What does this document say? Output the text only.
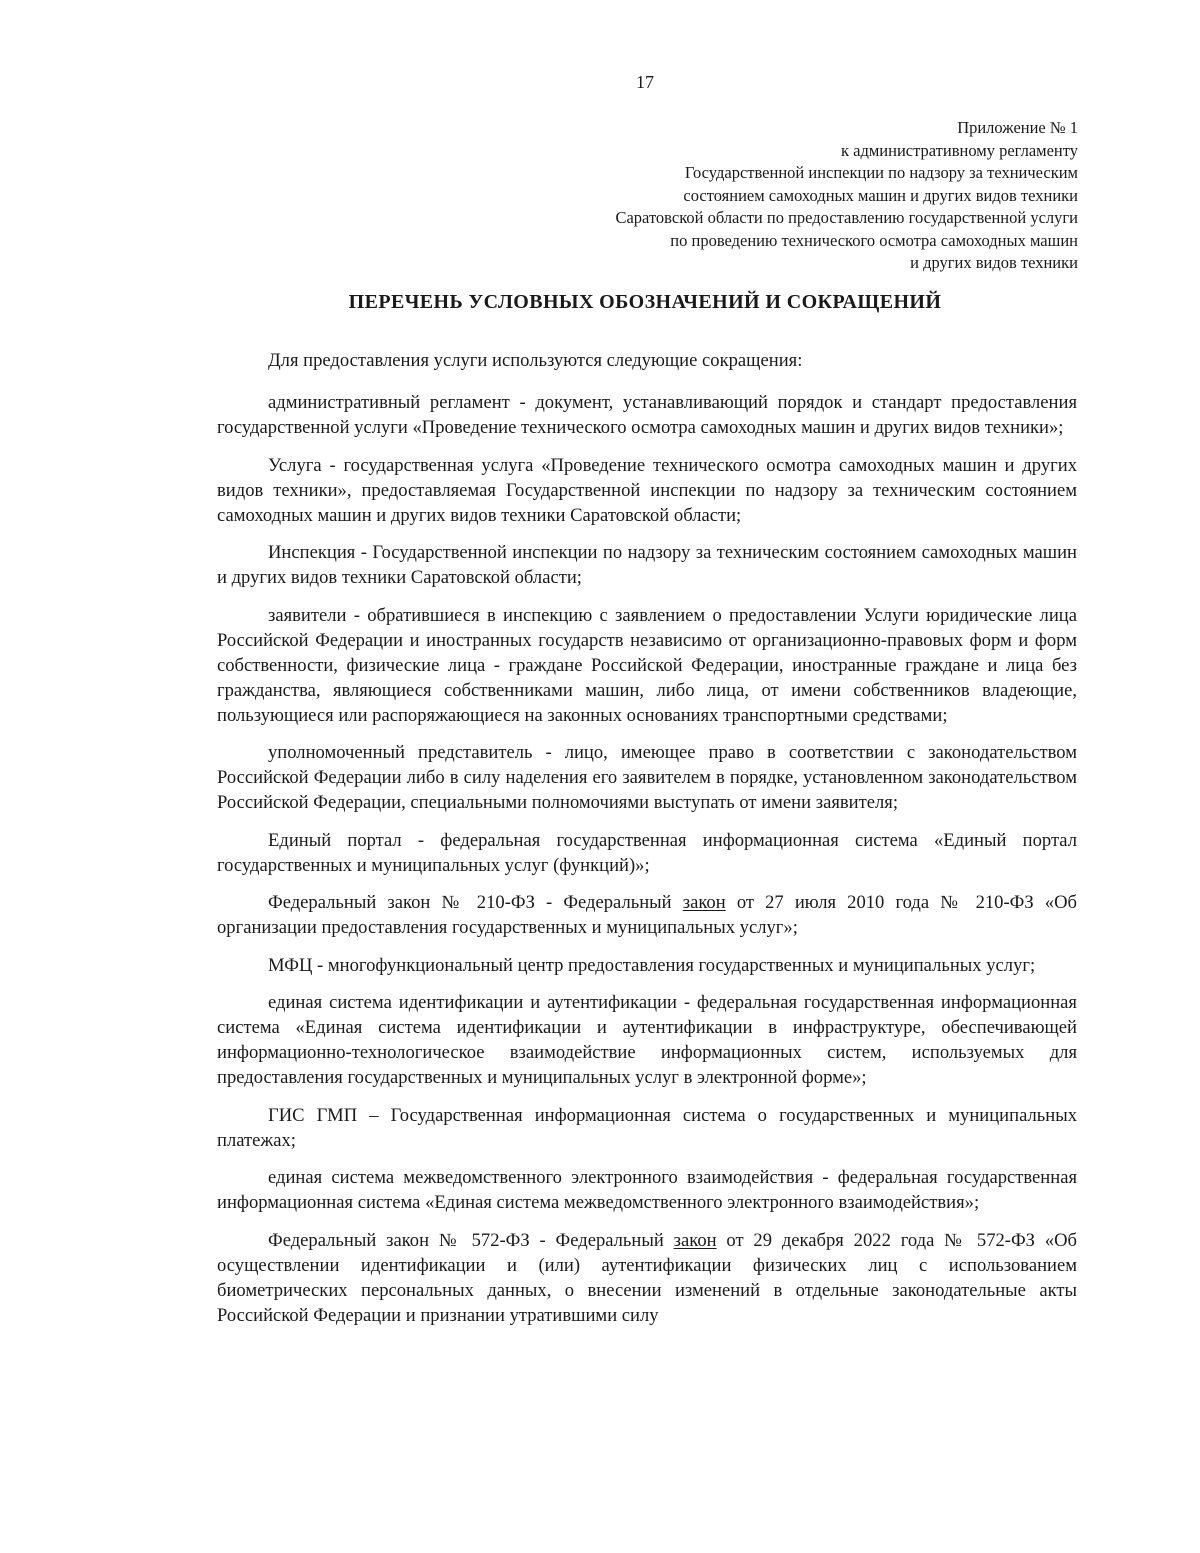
17
Приложение № 1
к административному регламенту
Государственной инспекции по надзору за техническим
состоянием самоходных машин и других видов техники
Саратовской области по предоставлению государственной услуги
по проведению технического осмотра самоходных машин
и других видов техники
ПЕРЕЧЕНЬ УСЛОВНЫХ ОБОЗНАЧЕНИЙ И СОКРАЩЕНИЙ

Для предоставления услуги используются следующие сокращения:

административный регламент - документ, устанавливающий порядок и стандарт предоставления государственной услуги «Проведение технического осмотра самоходных машин и других видов техники»;

Услуга - государственная услуга «Проведение технического осмотра самоходных машин и других видов техники», предоставляемая Государственной инспекции по надзору за техническим состоянием самоходных машин и других видов техники Саратовской области;

Инспекция - Государственной инспекции по надзору за техническим состоянием самоходных машин и других видов техники Саратовской области;

заявители - обратившиеся в инспекцию с заявлением о предоставлении Услуги юридические лица Российской Федерации и иностранных государств независимо от организационно-правовых форм и форм собственности, физические лица - граждане Российской Федерации, иностранные граждане и лица без гражданства, являющиеся собственниками машин, либо лица, от имени собственников владеющие, пользующиеся или распоряжающиеся на законных основаниях транспортными средствами;

уполномоченный представитель - лицо, имеющее право в соответствии с законодательством Российской Федерации либо в силу наделения его заявителем в порядке, установленном законодательством Российской Федерации, специальными полномочиями выступать от имени заявителя;

Единый портал - федеральная государственная информационная система «Единый портал государственных и муниципальных услуг (функций)»;

Федеральный закон № 210-ФЗ - Федеральный закон от 27 июля 2010 года № 210-ФЗ «Об организации предоставления государственных и муниципальных услуг»;

МФЦ - многофункциональный центр предоставления государственных и муниципальных услуг;

единая система идентификации и аутентификации - федеральная государственная информационная система «Единая система идентификации и аутентификации в инфраструктуре, обеспечивающей информационно-технологическое взаимодействие информационных систем, используемых для предоставления государственных и муниципальных услуг в электронной форме»;

ГИС ГМП – Государственная информационная система о государственных и муниципальных платежах;

единая система межведомственного электронного взаимодействия - федеральная государственная информационная система «Единая система межведомственного электронного взаимодействия»;

Федеральный закон № 572-ФЗ - Федеральный закон от 29 декабря 2022 года № 572-ФЗ «Об осуществлении идентификации и (или) аутентификации физических лиц с использованием биометрических персональных данных, о внесении изменений в отдельные законодательные акты Российской Федерации и признании утратившими силу
